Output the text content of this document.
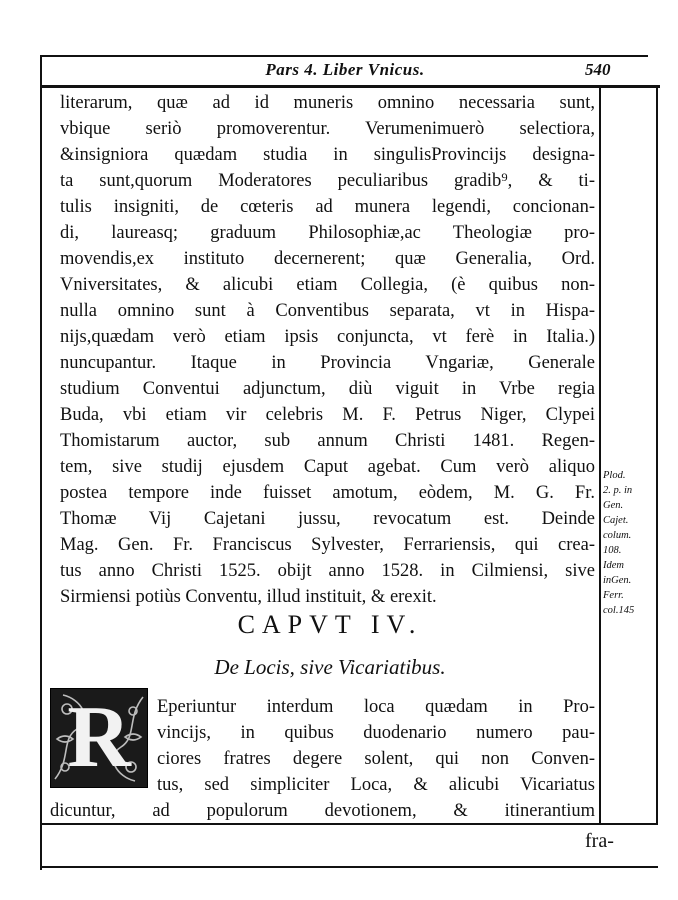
Pars 4. Liber Vnicus.	540
literarum, quæ ad id muneris omnino necessaria sunt,
vbique seriò promoverentur. Verumenimuerò selectiora,
&insigniora quædam studia in singulisProvincijs designa-
ta sunt,quorum Moderatores peculiaribus gradib⁹, & ti-
tulis insigniti, de cœteris ad munera legendi, concionan-
di, laureasq; graduum Philosophiæ,ac Theologiæ pro-
movendis,ex instituto decernerent; quæ Generalia, Ord.
Vniversitates, & alicubi etiam Collegia, (è quibus non-
nulla omnino sunt à Conventibus separata, vt in Hispa-
nijs,quædam verò etiam ipsis conjuncta, vt ferè in Italia.)
nuncupantur. Itaque in Provincia Vngariæ, Generale
studium Conventui adjunctum, diù viguit in Vrbe regia
Buda, vbi etiam vir celebris M. F. Petrus Niger, Clypei
Thomistarum auctor, sub annum Christi 1481. Regen-
tem, sive studij ejusdem Caput agebat. Cum verò aliquo
postea tempore inde fuisset amotum, eòdem, M. G. Fr.
Thomæ Vij Cajetani jussu, revocatum est. Deinde
Mag. Gen. Fr. Franciscus Sylvester, Ferrariensis, qui crea-
tus anno Christi 1525. obijt anno 1528. in Cilmiensi, sive
Sirmiensi potiùs Conventu, illud instituit, & erexit.
Plod.
2. p. in
Gen.
Cajet.
colum.
108.
Idem
inGen.
Ferr.
col.145
CAPVT IV.
De Locis, sive Vicariatibus.
R	Eperiuntur interdum loca quædam in Pro-
vincijs, in quibus duodenario numero pau-
ciores fratres degere solent, qui non Conven-
tus, sed simpliciter Loca, & alicubi Vicariatus
dicuntur, ad populorum devotionem, & itinerantium
fra-
